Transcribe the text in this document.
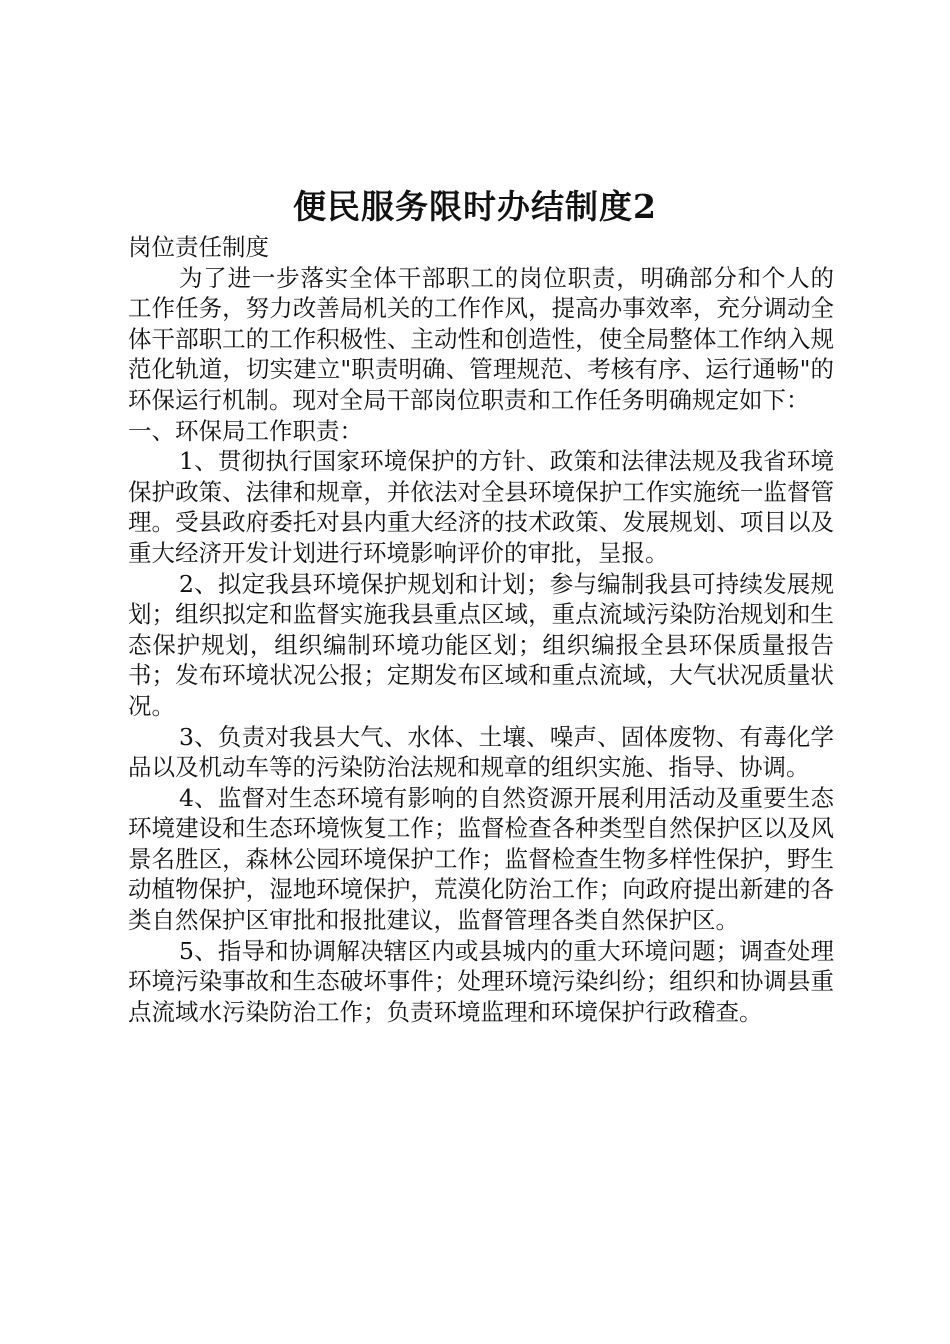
便民服务限时办结制度2

岗位责任制度

为了进一步落实全体干部职工的岗位职责，明确部分和个人的工作任务，努力改善局机关的工作作风，提高办事效率，充分调动全体干部职工的工作积极性、主动性和创造性，使全局整体工作纳入规范化轨道，切实建立"职责明确、管理规范、考核有序、运行通畅"的环保运行机制。现对全局干部岗位职责和工作任务明确规定如下：

一、环保局工作职责：

1、贯彻执行国家环境保护的方针、政策和法律法规及我省环境保护政策、法律和规章，并依法对全县环境保护工作实施统一监督管理。受县政府委托对县内重大经济的技术政策、发展规划、项目以及重大经济开发计划进行环境影响评价的审批，呈报。

2、拟定我县环境保护规划和计划；参与编制我县可持续发展规划；组织拟定和监督实施我县重点区域，重点流域污染防治规划和生态保护规划，组织编制环境功能区划；组织编报全县环保质量报告书；发布环境状况公报；定期发布区域和重点流域，大气状况质量状况。

3、负责对我县大气、水体、土壤、噪声、固体废物、有毒化学品以及机动车等的污染防治法规和规章的组织实施、指导、协调。

4、监督对生态环境有影响的自然资源开展利用活动及重要生态环境建设和生态环境恢复工作；监督检查各种类型自然保护区以及风景名胜区，森林公园环境保护工作；监督检查生物多样性保护，野生动植物保护，湿地环境保护，荒漠化防治工作；向政府提出新建的各类自然保护区审批和报批建议，监督管理各类自然保护区。

5、指导和协调解决辖区内或县城内的重大环境问题；调查处理环境污染事故和生态破坏事件；处理环境污染纠纷；组织和协调县重点流域水污染防治工作；负责环境监理和环境保护行政稽查。
